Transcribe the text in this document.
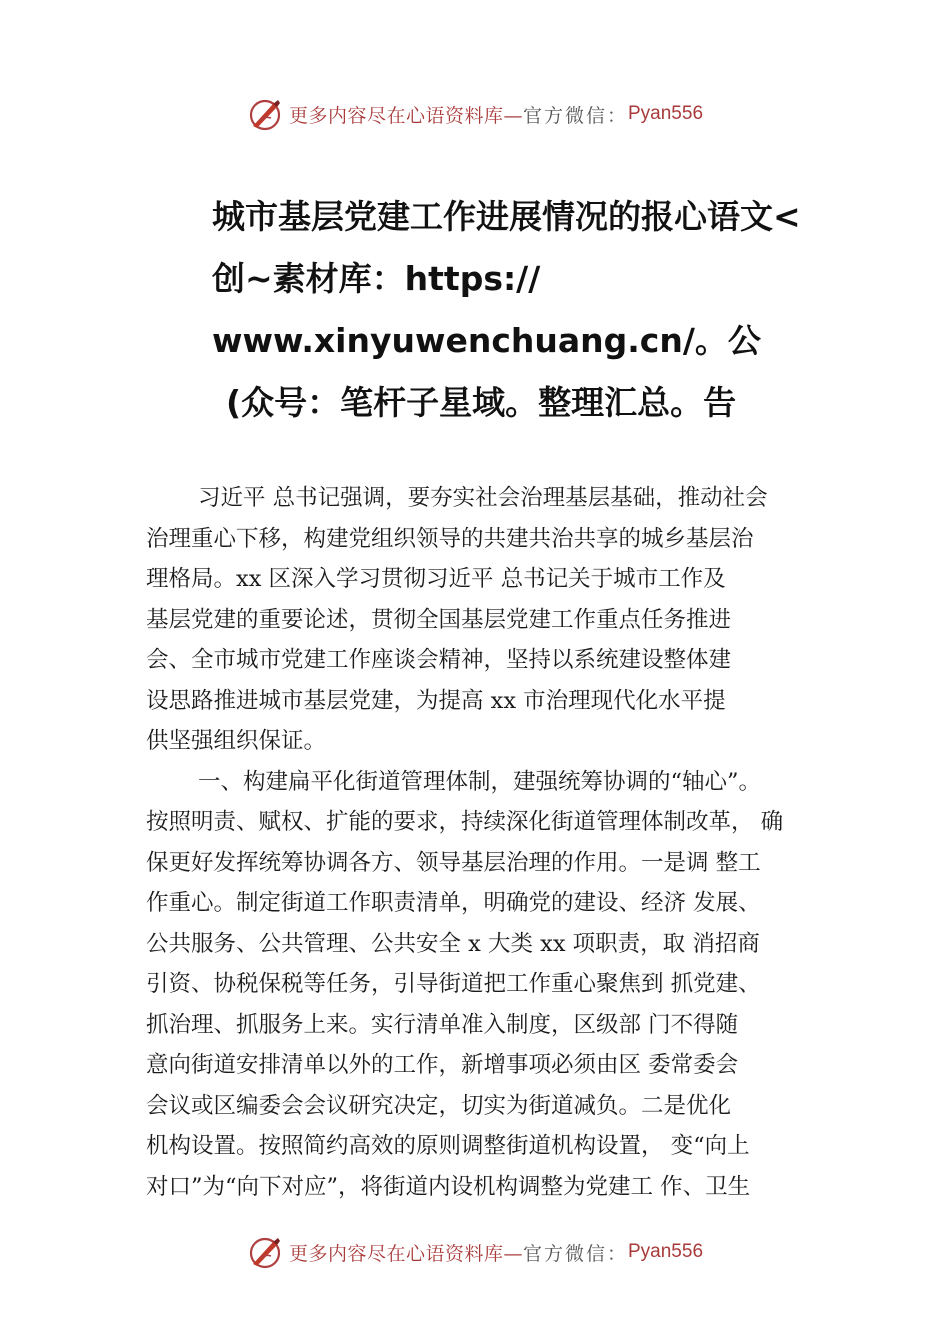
更多内容尽在心语资料库— 官方微信： Pyan556
城市基层党建工作进展情况的报心语文<
创~素材库：https://
www.xinyuwenchuang.cn/。公
(众号：笔杆子星域。整理汇总。告
习近平 总书记强调，要夯实社会治理基层基础，推动社会
治理重心下移，构建党组织领导的共建共治共享的城乡基层治
理格局。xx 区深入学习贯彻习近平 总书记关于城市工作及
基层党建的重要论述，贯彻全国基层党建工作重点任务推进
会、全市城市党建工作座谈会精神，坚持以系统建设整体建
设思路推进城市基层党建，为提高 xx 市治理现代化水平提
供坚强组织保证。
一、构建扁平化街道管理体制，建强统筹协调的“轴心”。
按照明责、赋权、扩能的要求，持续深化街道管理体制改革， 确
保更好发挥统筹协调各方、领导基层治理的作用。一是调 整工
作重心。制定街道工作职责清单，明确党的建设、经济 发展、
公共服务、公共管理、公共安全 x 大类 xx 项职责，取 消招商
引资、协税保税等任务，引导街道把工作重心聚焦到 抓党建、
抓治理、抓服务上来。实行清单准入制度，区级部 门不得随
意向街道安排清单以外的工作，新增事项必须由区 委常委会
会议或区编委会会议研究决定，切实为街道减负。二是优化
机构设置。按照简约高效的原则调整街道机构设置， 变“向上
对口”为“向下对应”，将街道内设机构调整为党建工 作、卫生
更多内容尽在心语资料库— 官方微信： Pyan556
